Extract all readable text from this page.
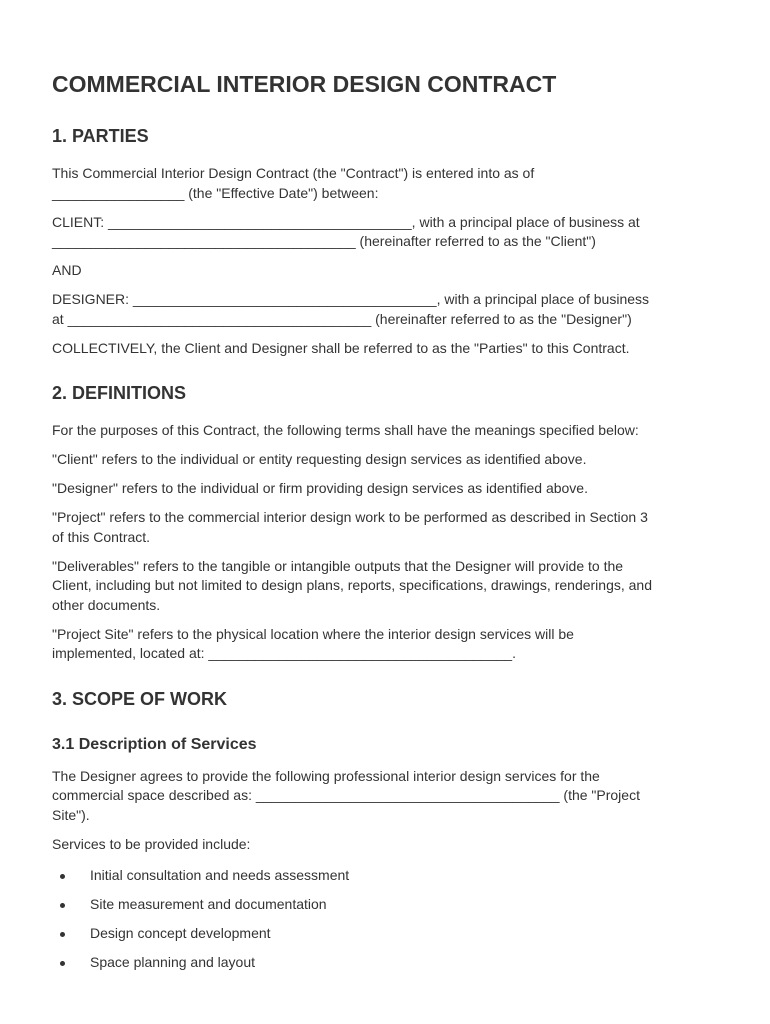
COMMERCIAL INTERIOR DESIGN CONTRACT
1. PARTIES

This Commercial Interior Design Contract (the "Contract") is entered into as of
_________________ (the "Effective Date") between:

CLIENT: _______________________________________, with a principal place of business at
_______________________________________ (hereinafter referred to as the "Client")

AND

DESIGNER: _______________________________________, with a principal place of business
at _______________________________________ (hereinafter referred to as the "Designer")

COLLECTIVELY, the Client and Designer shall be referred to as the "Parties" to this Contract.

2. DEFINITIONS

For the purposes of this Contract, the following terms shall have the meanings specified below:

"Client" refers to the individual or entity requesting design services as identified above.

"Designer" refers to the individual or firm providing design services as identified above.

"Project" refers to the commercial interior design work to be performed as described in Section 3
of this Contract.

"Deliverables" refers to the tangible or intangible outputs that the Designer will provide to the
Client, including but not limited to design plans, reports, specifications, drawings, renderings, and
other documents.

"Project Site" refers to the physical location where the interior design services will be
implemented, located at: _______________________________________.

3. SCOPE OF WORK
3.1 Description of Services

The Designer agrees to provide the following professional interior design services for the
commercial space described as: _______________________________________ (the "Project
Site").

Services to be provided include:

Initial consultation and needs assessment
Site measurement and documentation
Design concept development
Space planning and layout
